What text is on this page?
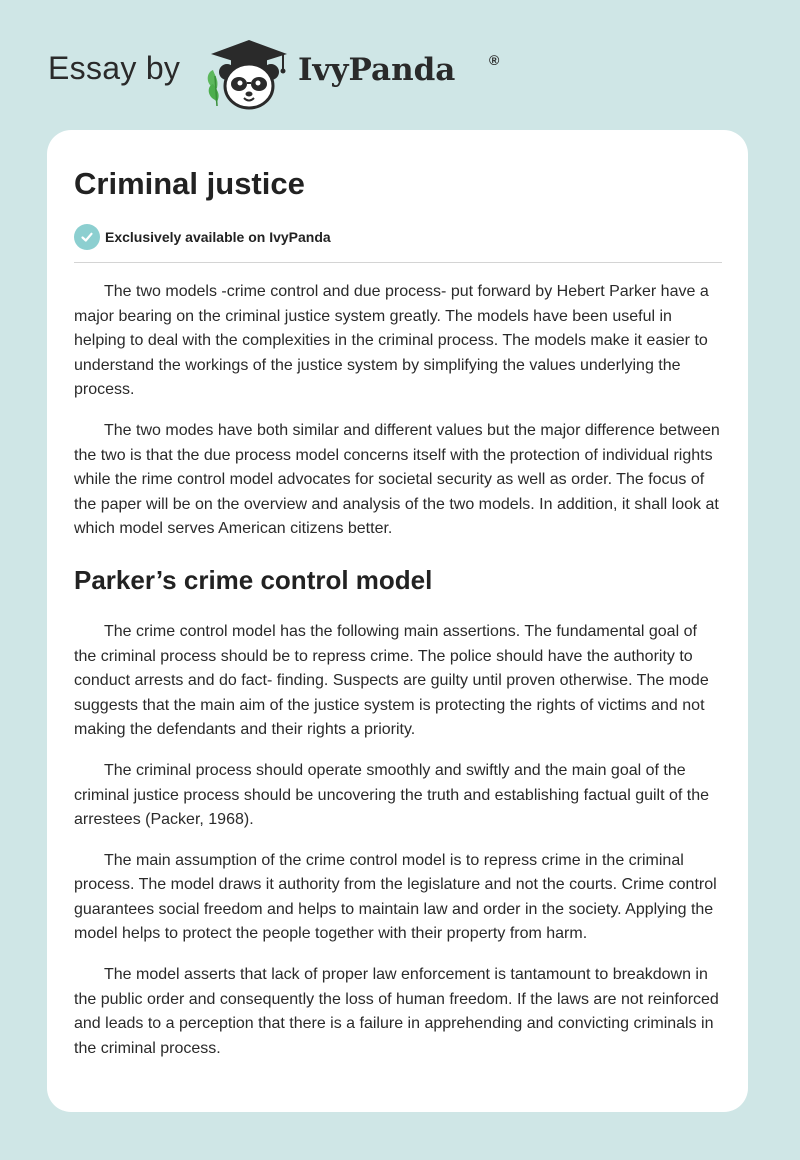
Essay by	IvyPanda ®
Criminal justice
Exclusively available on IvyPanda

The two models -crime control and due process- put forward by Hebert Parker have a major bearing on the criminal justice system greatly. The models have been useful in helping to deal with the complexities in the criminal process. The models make it easier to understand the workings of the justice system by simplifying the values underlying the process.

The two modes have both similar and different values but the major difference between the two is that the due process model concerns itself with the protection of individual rights while the rime control model advocates for societal security as well as order. The focus of the paper will be on the overview and analysis of the two models. In addition, it shall look at which model serves American citizens better.

Parker’s crime control model

The crime control model has the following main assertions. The fundamental goal of the criminal process should be to repress crime. The police should have the authority to conduct arrests and do fact- finding. Suspects are guilty until proven otherwise. The mode suggests that the main aim of the justice system is protecting the rights of victims and not making the defendants and their rights a priority.

The criminal process should operate smoothly and swiftly and the main goal of the criminal justice process should be uncovering the truth and establishing factual guilt of the arrestees (Packer, 1968).

The main assumption of the crime control model is to repress crime in the criminal process. The model draws it authority from the legislature and not the courts. Crime control guarantees social freedom and helps to maintain law and order in the society. Applying the model helps to protect the people together with their property from harm.

The model asserts that lack of proper law enforcement is tantamount to breakdown in the public order and consequently the loss of human freedom. If the laws are not reinforced and leads to a perception that there is a failure in apprehending and convicting criminals in the criminal process.
